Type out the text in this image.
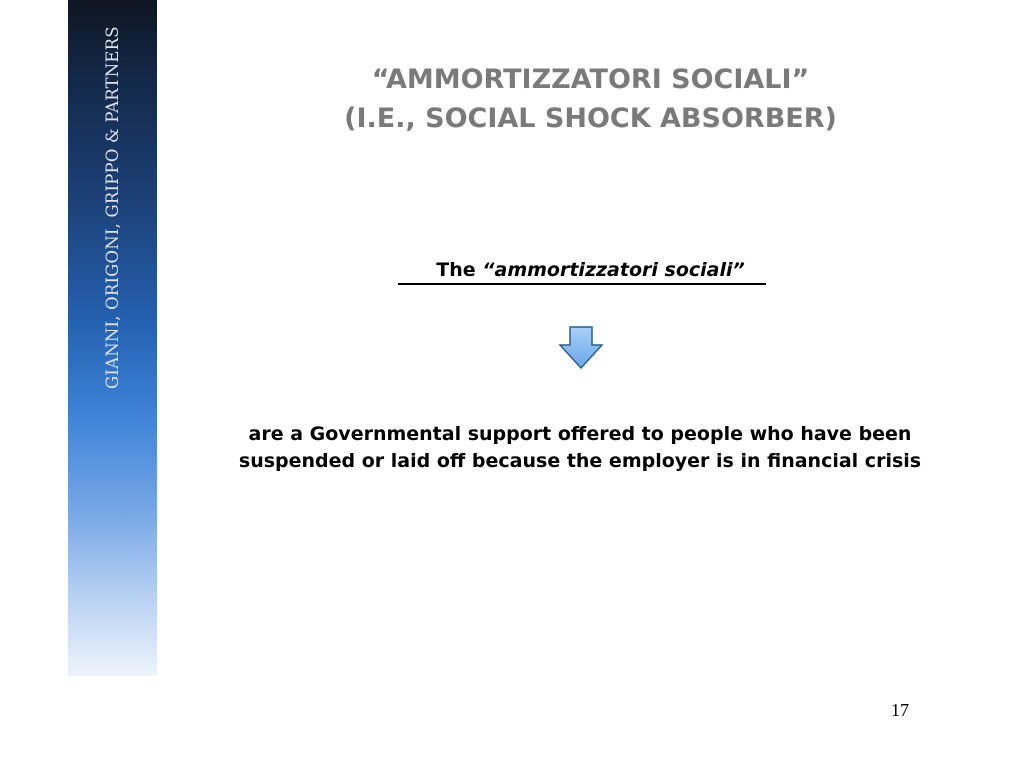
GIANNI, ORIGONI, GRIPPO & PARTNERS	“AMMORTIZZATORI SOCIALI”
(I.E., SOCIAL SHOCK ABSORBER)
The “ammortizzatori sociali”
are a Governmental support offered to people who have been suspended or laid off because the employer is in financial crisis
17
